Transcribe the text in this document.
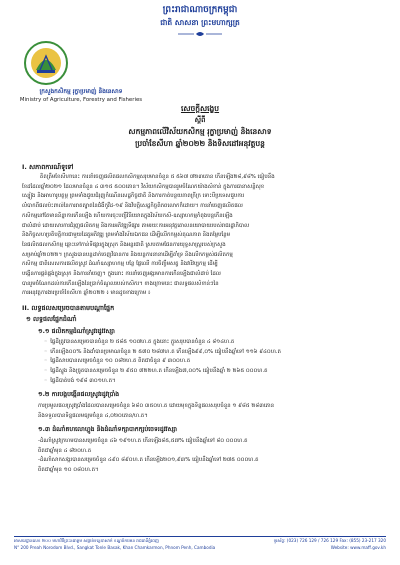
ព្រះរាជាណាចក្រកម្ពុជា
ជាតិ សាសនា ព្រះមហាក្សត្រ
ក្រសួងកសិកម្ម រុក្ខាប្រមាញ់ និងនេសាទ
Ministry of Agriculture, Forestry and Fisheries
សេចក្តីសង្ខេប
ស្តីពី
សកម្មភាពលើវិស័យកសិកម្ម រុក្ខាប្រមាញ់ និងនេសាទ
ប្រចាំខែសីហា ឆ្នាំ២០២២ និងទិសដៅអនុវត្តបន្ត
I. សភាពការណ៍ទូទៅ
គិតត្រឹមខែសីហានេះ ការនាំចេញផលិតផលកសិកម្មសរុបមានចំនួន ៥ ៥៦៧ ៧២៣តោន កើនឡើង២៨,៩៨% ធៀបនឹង
ខែដដែលឆ្នាំ២០២១ ដែលមានចំនួន ៤ ៣១៥ ៥០០តោន។ វិស័យកសិកម្មបានរួមចំណែកយ៉ាងសំខាន់ ក្នុងការធានាសន្តិសុខ
ស្បៀង និងអាហារូបត្ថម្ភ ព្រមទាំងជួយជំរុញកំណើនសេដ្ឋកិច្ចជាតិ និងការកាត់បន្ថយភាពក្រីក្រ ទោះបីប្រទេសជួបការ
លំបាកពីផលប៉ះពាល់នៃការរាតត្បាតនៃជំងឺកូវីដ-១៩ និងវិបត្តិសេដ្ឋកិច្ចពិភពលោកក៏ដោយ។ ការនាំចេញផលិតផល
កសិកម្មនៅតែមាននិន្នាការកើនឡើង ហើយការចុះបញ្ជីវិនិយោគក្នុងវិស័យកសិ-ឧស្សាហកម្មកំពុងបន្តកើនឡើង
ជាលំដាប់ ដោយសារការជំរុញផលិតកម្ម និងការអភិវឌ្ឍទីផ្សារ តាមរយៈការអនុវត្តគោលនយោបាយរបស់រាជរដ្ឋាភិបាល
និងកិច្ចសហប្រតិបត្តិការជាមួយដៃគូអភិវឌ្ឍ ព្រមទាំងវិស័យឯកជន ដើម្បីលើកកម្ពស់គុណភាព និងតម្លៃបន្ថែម
នៃផលិតផលកសិកម្ម ឆ្ពោះទៅកាន់ទីផ្សារក្នុងស្រុក និងអន្តរជាតិ ស្របតាមផែនការយុទ្ធសាស្ត្ររបស់ក្រសួង
សម្រាប់ឆ្នាំ២០២២។ ក្រសួងបានបន្តដាក់ចេញវិធានការ និងយន្តការនានាដើម្បីគាំទ្រ និងលើកកម្ពស់ផលិតកម្ម
កសិកម្ម ជាពិសេសការផលិតស្រូវ ដំណាំឧស្សាហកម្ម បន្លែ ផ្លែឈើ ការចិញ្ចឹមសត្វ និងវារីវប្បកម្ម ដើម្បី
បង្កើនការផ្គត់ផ្គង់ក្នុងស្រុក និងការនាំចេញ។ ក្នុងនោះ ការនាំចេញអង្ករមានការកើនឡើងជាលំដាប់ ដែល
បានរួមចំណែកដល់ការកើនឡើងនៃប្រាក់ចំណូលរបស់កសិករ។ ខាងក្រោមនេះ ជាលទ្ធផលសំខាន់ៗនៃ
ការអនុវត្តការងារប្រចាំខែសីហា ឆ្នាំ២០២២ ៖ មានដូចខាងក្រោម ៖
II. លទ្ធផលសម្រេចបានតាមបណ្តាផ្នែក
១ លទ្ធផលផ្នែកដំណាំ
១.១ ផលិតកម្មដំណាំស្រូវរដូវវស្សា
◦ ផ្ទៃដីត្រូវបានសម្រេចបានចំនួន ២ ៥៨៥ ១០៧ហ.ត ក្នុងនោះ ភ្ជួរសរុបបានចំនួន ៤ ៨១៤ហ.ត
◦ កើនឡើង០០% និងដាំបានប្រមាណចំនួន ២ ៥៧០ ២៨៧ហ.ត កើនឡើង៩៩,០% ធៀបនឹងឆ្នាំទៅ ១១៦ ៩៤០ហ.ត
◦ ផ្ទៃដីសាបបានសម្រេចចំនួន ១០ ០៨២ហ.ត ពិតជាចំនួន ៩ ៣០០ហ.ត
◦ ផ្ទៃដីស្ទូង និងច្រូតបានសម្រេចចំនួន ២ ៩៥០ ៧២២ហ.ត កើនឡើង៧,០០% ធៀបនឹងឆ្នាំ ២ ២៦៥ ០០០ហ.ត
◦ ផ្ទៃដីបាត់បង់ ១៩៨ ៣០១ហ.ត។
១.២ ការបង្កបង្កើនផលស្រូវរដូវប្រាំង
ការប្រមូលផលស្រូវប្រាំងដែលបានសម្រេចចំនួន ៦៨០ ៣៥០ហ.ត ដោយមុខក្នុងទិន្នផលសរុបចំនួន ១ ៩៨៥ ២៨៣តោន
និងទទួលបានទិន្នផលមធ្យមចំនួន ៤,០២០តោន/ហ.ត។
១.៣ ដំណាំគហលោហ្គូង និងដំណាំទក្សាបាកក្សប់ចេទរដូវវស្សា
-ដំណាំស្រូវក្រហមបានសម្រេចចំនួន ៤៦ ១៩១ហ.ត កើនឡើង៨៥,៥៧% ធៀបនឹងឆ្នាំទៅ ៨០ ០០០ហ.ត
ពិតជាឆ្នាំមុន ៤ ៨២០ហ.ត
-ដំណាំសាកសង្ករបានសម្រេចចំនួន ៤៩០ ៨៩០ហ.ត កើនឡើង២០១,៩៣% ធៀបនឹងឆ្នាំទៅ ២៧៥ ០០០ហ.ត
ពិតជាឆ្នាំមុន ១០ ០៨០ហ.ត។
អាសយដ្ឋានលេខ ២០០ មហាវិថីព្រះនរោត្តម សង្កាត់ទន្លេបាសាក់ ខណ្ឌចំការមន រាជធានីភ្នំពេញ	ទូរស័ព្ទ: (023) 726 129 / 726 129 Fax: (855) 23-217 320
N° 200 Preah Norodom Blvd., Sangkat Tonle Basak, Khan Chamkarmon, Phnom Penh, Cambodia	Website: www.maff.gov.kh
